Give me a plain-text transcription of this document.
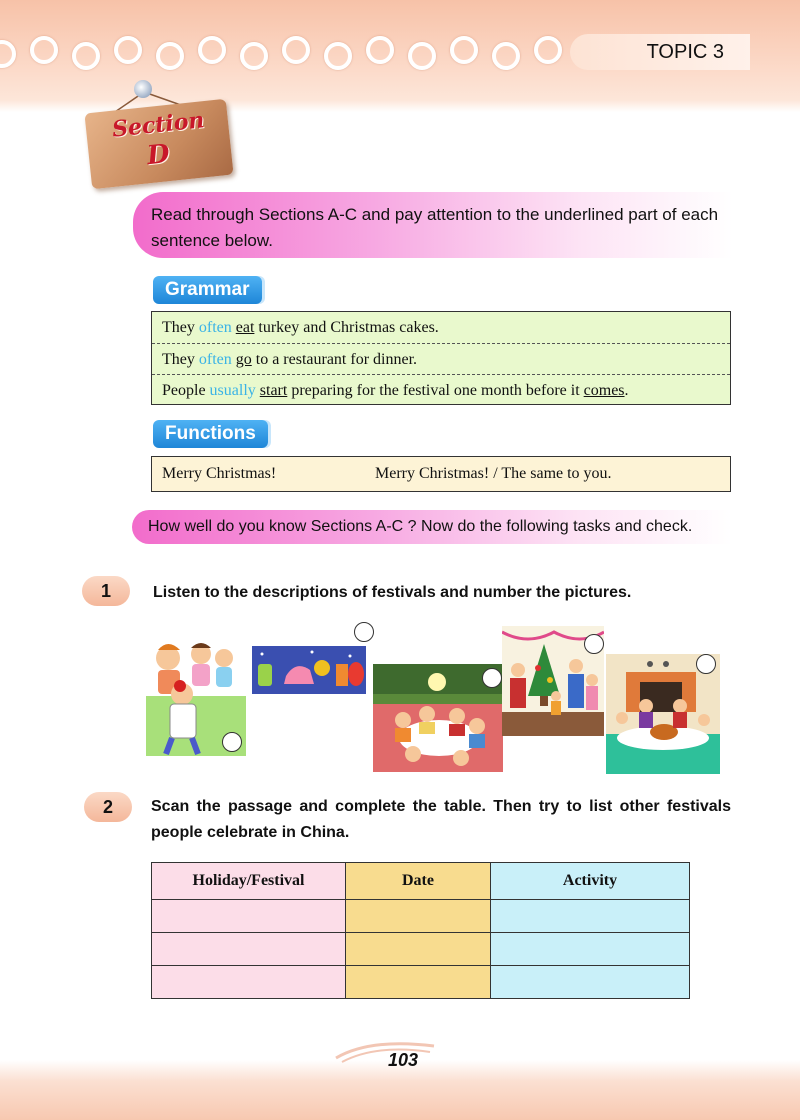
TOPIC 3
Section
D
Read through Sections A-C and pay attention to the underlined part of each sentence below.
Grammar
They often eat turkey and Christmas cakes.
They often go to a restaurant for dinner.
People usually start preparing for the festival one month before it comes.
Functions
Merry Christmas!	Merry Christmas! / The same to you.
How well do you know Sections A-C ? Now do the following tasks and check.
1	Listen to the descriptions of festivals and number the pictures.
2	Scan the passage and complete the table. Then try to list other festivals people celebrate in China.
Holiday/Festival	Date	Activity

103
